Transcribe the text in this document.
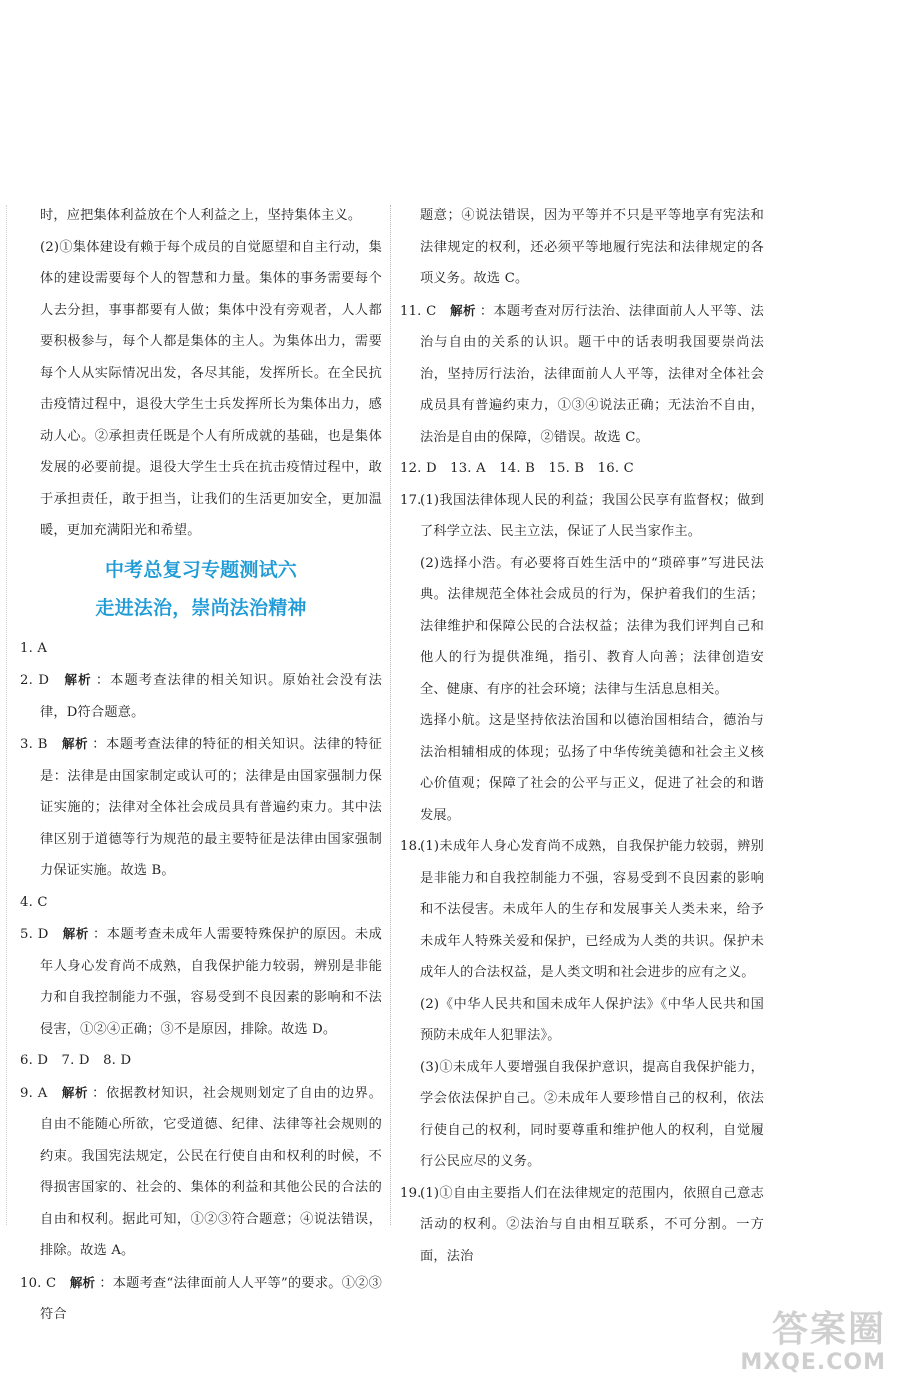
时，应把集体利益放在个人利益之上，坚持集体主义。

(2)①集体建设有赖于每个成员的自觉愿望和自主行动，集体的建设需要每个人的智慧和力量。集体的事务需要每个人去分担，事事都要有人做；集体中没有旁观者，人人都要积极参与，每个人都是集体的主人。为集体出力，需要每个人从实际情况出发，各尽其能，发挥所长。在全民抗击疫情过程中，退役大学生士兵发挥所长为集体出力，感动人心。②承担责任既是个人有所成就的基础，也是集体发展的必要前提。退役大学生士兵在抗击疫情过程中，敢于承担责任，敢于担当，让我们的生活更加安全，更加温暖，更加充满阳光和希望。

中考总复习专题测试六
走进法治，崇尚法治精神

1. A

2. D　 解析 ：本题考查法律的相关知识。原始社会没有法律，D符合题意。

3. B　 解析 ：本题考查法律的特征的相关知识。法律的特征是：法律是由国家制定或认可的；法律是由国家强制力保证实施的；法律对全体社会成员具有普遍约束力。其中法律区别于道德等行为规范的最主要特征是法律由国家强制力保证实施。故选 B。

4. C

5. D　 解析 ：本题考查未成年人需要特殊保护的原因。未成年人身心发育尚不成熟，自我保护能力较弱，辨别是非能力和自我控制能力不强，容易受到不良因素的影响和不法侵害，①②④正确；③不是原因，排除。故选 D。

6. D　7. D　8. D

9. A　 解析 ：依据教材知识，社会规则划定了自由的边界。自由不能随心所欲，它受道德、纪律、法律等社会规则的约束。我国宪法规定，公民在行使自由和权利的时候，不得损害国家的、社会的、集体的利益和其他公民的合法的自由和权利。据此可知，①②③符合题意；④说法错误，排除。故选 A。

10. C　 解析 ：本题考查“法律面前人人平等”的要求。①②③符合

题意；④说法错误，因为平等并不只是平等地享有宪法和法律规定的权利，还必须平等地履行宪法和法律规定的各项义务。故选 C。

11. C　 解析 ：本题考查对厉行法治、法律面前人人平等、法治与自由的关系的认识。题干中的话表明我国要崇尚法治，坚持厉行法治，法律面前人人平等，法律对全体社会成员具有普遍约束力，①③④说法正确；无法治不自由，法治是自由的保障，②错误。故选 C。

12. D　13. A　14. B　15. B　16. C

17.(1)我国法律体现人民的利益；我国公民享有监督权；做到了科学立法、民主立法，保证了人民当家作主。

(2)选择小浩。有必要将百姓生活中的“琐碎事”写进民法典。法律规范全体社会成员的行为，保护着我们的生活；法律维护和保障公民的合法权益；法律为我们评判自己和他人的行为提供准绳，指引、教育人向善；法律创造安全、健康、有序的社会环境；法律与生活息息相关。

选择小航。这是坚持依法治国和以德治国相结合，德治与法治相辅相成的体现；弘扬了中华传统美德和社会主义核心价值观；保障了社会的公平与正义，促进了社会的和谐发展。

18.(1)未成年人身心发育尚不成熟，自我保护能力较弱，辨别是非能力和自我控制能力不强，容易受到不良因素的影响和不法侵害。未成年人的生存和发展事关人类未来，给予未成年人特殊关爱和保护，已经成为人类的共识。保护未成年人的合法权益，是人类文明和社会进步的应有之义。

(2)《中华人民共和国未成年人保护法》《中华人民共和国预防未成年人犯罪法》。

(3)①未成年人要增强自我保护意识，提高自我保护能力，学会依法保护自己。②未成年人要珍惜自己的权利，依法行使自己的权利，同时要尊重和维护他人的权利，自觉履行公民应尽的义务。

19.(1)①自由主要指人们在法律规定的范围内，依照自己意志活动的权利。②法治与自由相互联系，不可分割。一方面，法治

答案圈
MXQE.COM
